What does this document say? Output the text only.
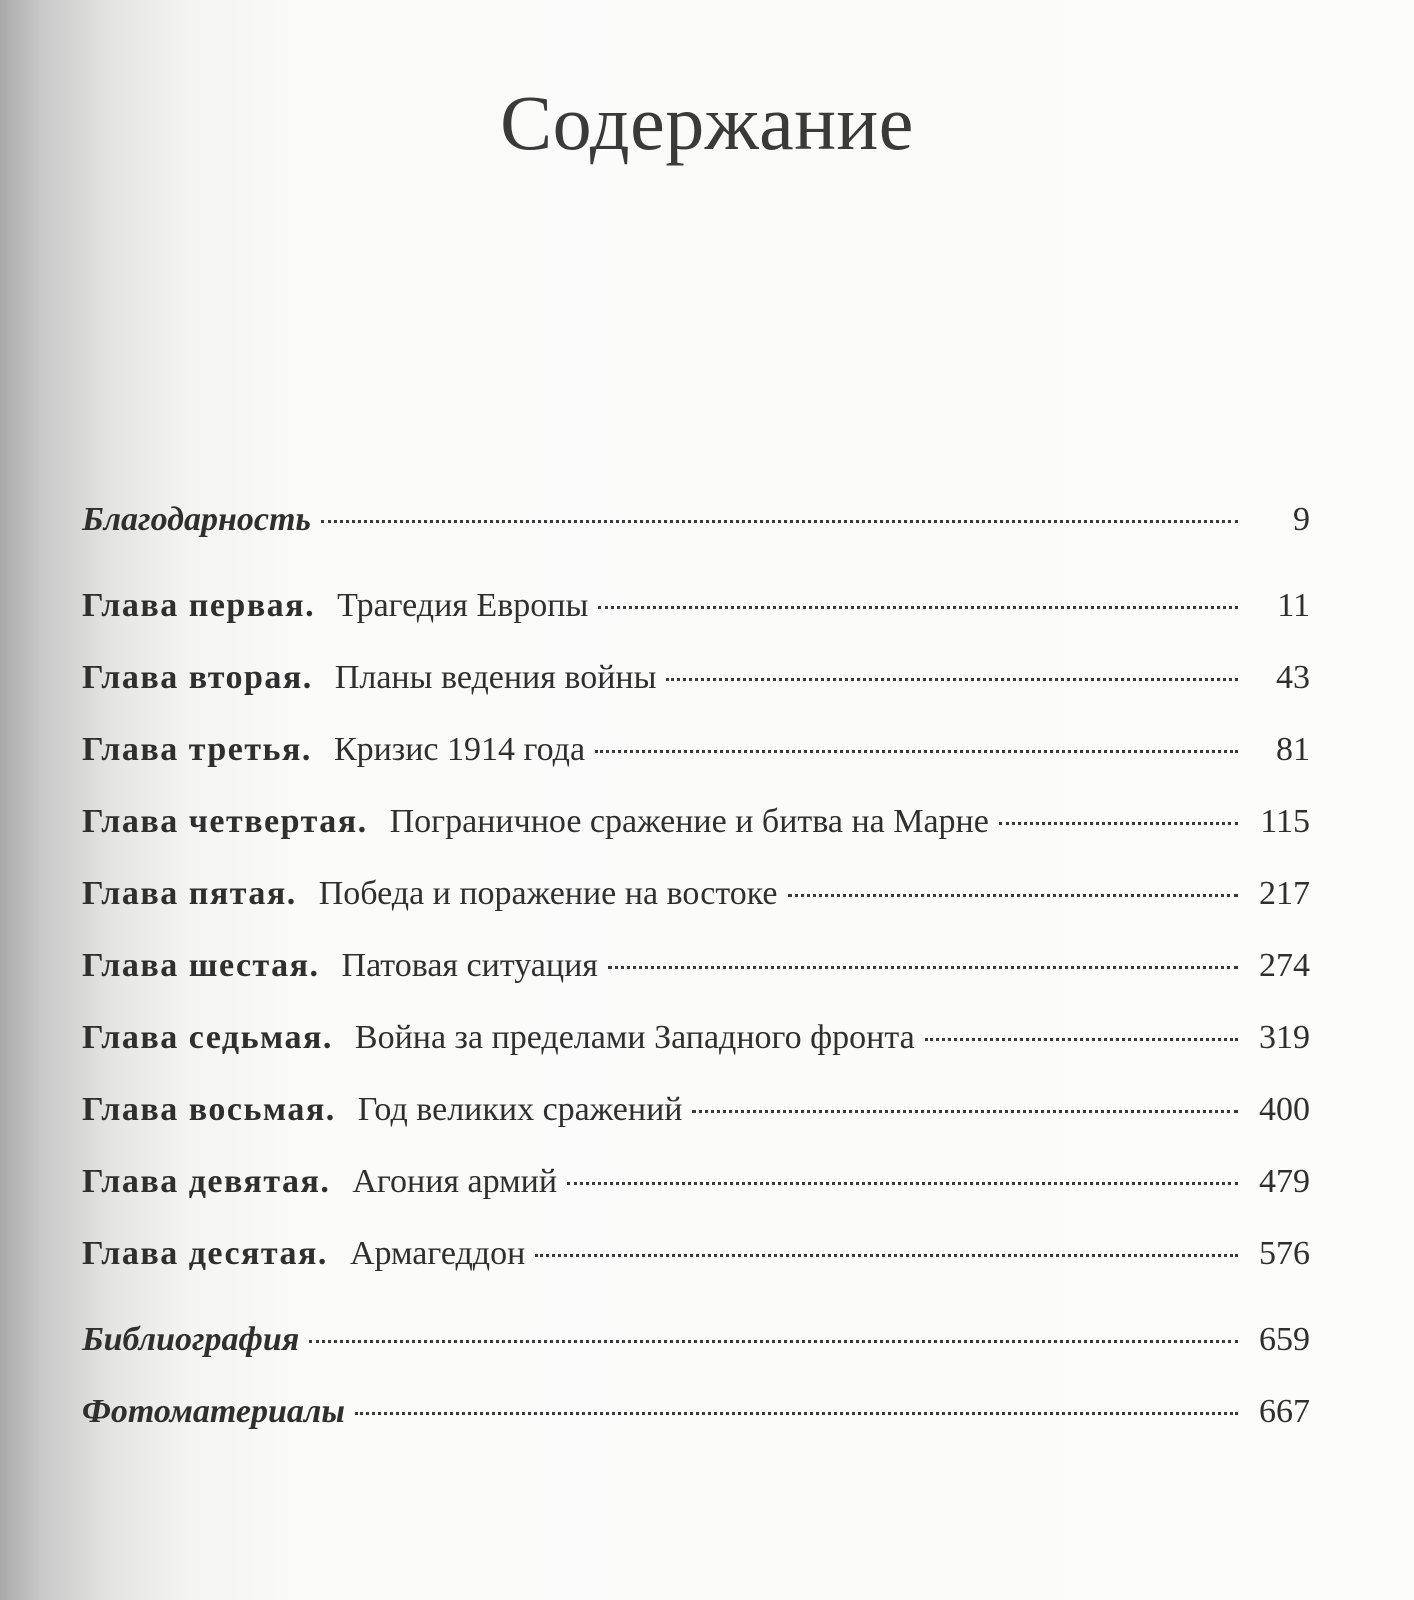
Содержание
Благодарность	9
Глава первая. Трагедия Европы	11
Глава вторая. Планы ведения войны	43
Глава третья. Кризис 1914 года	81
Глава четвертая. Пограничное сражение и битва на Марне	115
Глава пятая. Победа и поражение на востоке	217
Глава шестая. Патовая ситуация	274
Глава седьмая. Война за пределами Западного фронта	319
Глава восьмая. Год великих сражений	400
Глава девятая. Агония армий	479
Глава десятая. Армагеддон	576
Библиография	659
Фотоматериалы	667
